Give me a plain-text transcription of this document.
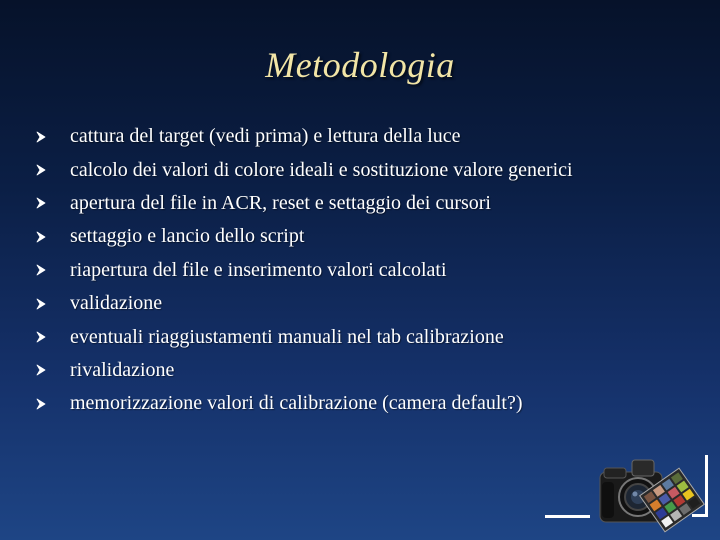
Metodologia
cattura del target (vedi prima) e lettura della luce
calcolo dei valori di colore ideali e sostituzione valore generici
apertura del file in ACR, reset e settaggio dei cursori
settaggio e lancio dello script
riapertura del file e inserimento valori calcolati
validazione
eventuali riaggiustamenti manuali nel tab calibrazione
rivalidazione
memorizzazione valori di calibrazione (camera default?)
